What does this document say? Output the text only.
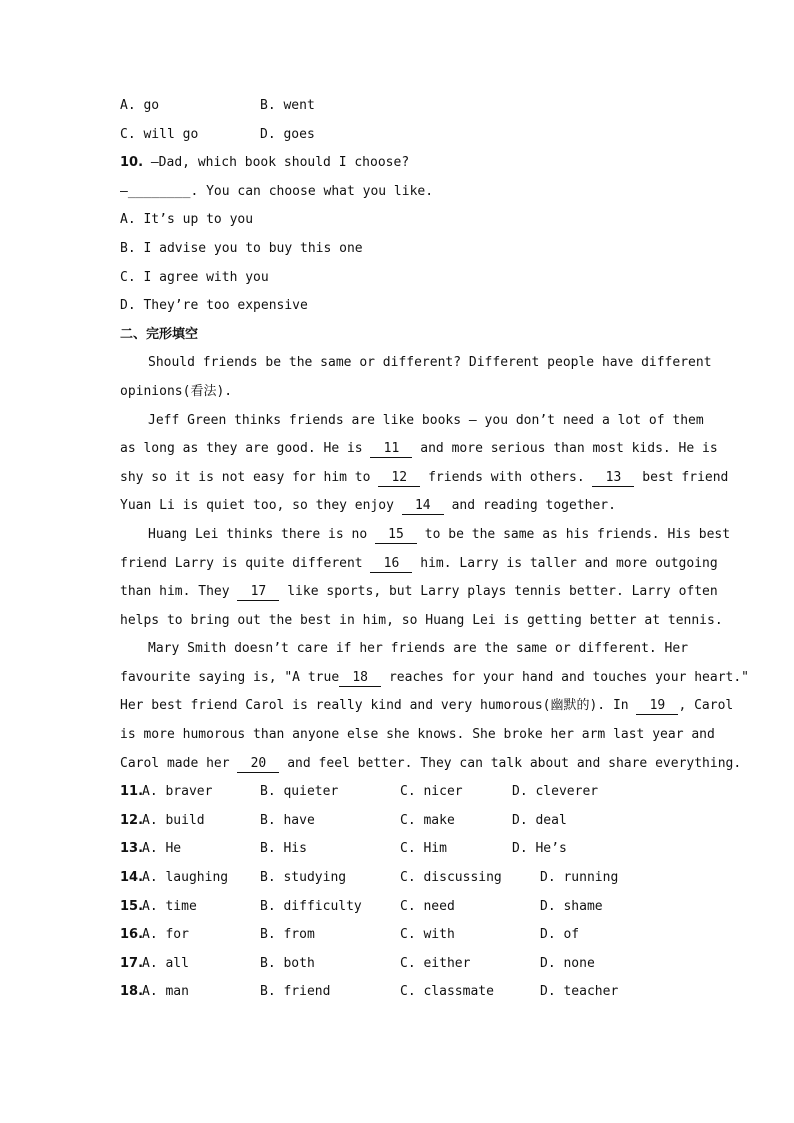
A. go	B. went
C. will go	D. goes
10. —Dad, which book should I choose?
—________. You can choose what you like.
A. It’s up to you
B. I advise you to buy this one
C. I agree with you
D. They’re too expensive
二、完形填空
Should friends be the same or different? Different people have different
opinions(看法).
Jeff Green thinks friends are like books — you don’t need a lot of them
as long as they are good. He is 11 and more serious than most kids. He is
shy so it is not easy for him to 12 friends with others. 13 best friend
Yuan Li is quiet too, so they enjoy 14 and reading together.
Huang Lei thinks there is no 15 to be the same as his friends. His best
friend Larry is quite different 16 him. Larry is taller and more outgoing
than him. They 17 like sports, but Larry plays tennis better. Larry often
helps to bring out the best in him, so Huang Lei is getting better at tennis.
Mary Smith doesn’t care if her friends are the same or different. Her
favourite saying is, "A true 18 reaches for your hand and touches your heart."
Her best friend Carol is really kind and very humorous(幽默的). In 19 , Carol
is more humorous than anyone else she knows. She broke her arm last year and
Carol made her 20 and feel better. They can talk about and share everything.
11.A. braver	B. quieter	C. nicer	D. cleverer
12.A. build	B. have	C. make	D. deal
13.A. He	B. His	C. Him	D. He’s
14.A. laughing B. studying	C. discussing	D. running
15.A. time	B. difficulty	C. need	D. shame
16.A. for	B. from	C. with	D. of
17.A. all	B. both	C. either	D. none
18.A. man	B. friend	C. classmate	D. teacher
